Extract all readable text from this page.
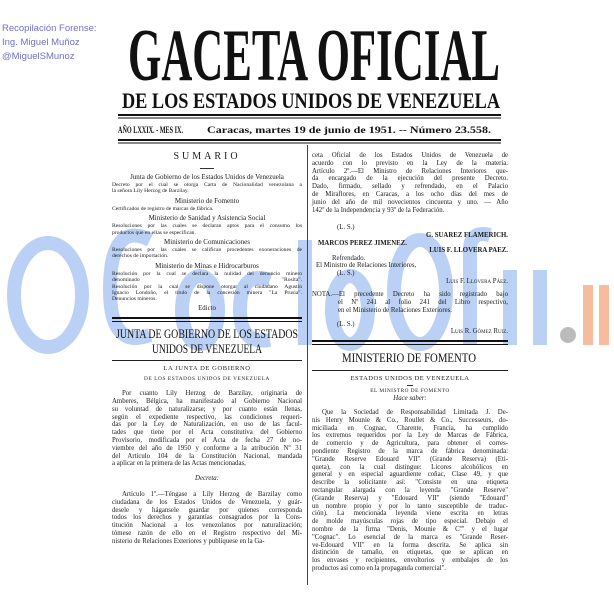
Recopilación Forense:
Ing. Miguel Muñoz
@MiguelSMunoz GACETA OFICIAL
DE LOS ESTADOS UNIDOS DE VENEZUELA
AÑO LXXIX. - MES IX.	Caracas, martes 19 de junio de 1951. -- Número 23.558.
SUMARIO
Junta de Gobierno de los Estados Unidos de Venezuela
Decreto por el cual se otorga Carta de Nacionalidad venezolana a
la señora Lily Herzog de Barzilay.
Ministerio de Fomento
Certificados de registro de marcas de fábrica.
Ministerio de Sanidad y Asistencia Social
Resoluciones por las cuales se declaran aptos para el consumo los
productos que en ellas se especifican.
Ministerio de Comunicaciones
Resoluciones por las cuales se califican procedentes exoneraciones de
derechos de importación.
Ministerio de Minas e Hidrocarburos
Resolución por la cual se declara la nulidad del denuncio minero
denominado "Rosita".
Resolución por la cual se dispone otorgar al ciudadano Agustín
Ignacio Londoño, el título de la concesión minera "La Prusia".
Denuncios mineros.
Edicto
JUNTA DE GOBIERNO DE LOS ESTADOS
UNIDOS DE VENEZUELA
LA JUNTA DE GOBIERNO
DE LOS ESTADOS UNIDOS DE VENEZUELA
Por cuanto Lily Herzog de Barzilay, originaria de
Amberes, Bélgica, ha manifestado al Gobierno Nacional
su voluntad de naturalizarse; y por cuanto están llenas,
según el expediente respectivo, las condiciones requeri-
das por la Ley de Naturalización, en uso de las facul-
tades que tiene por el Acta constitutiva del Gobierno
Provisorio, modificada por el Acta de fecha 27 de no-
viembre del año de 1950 y conforme a la atribución Nº 31
del Artículo 104 de la Constitución Nacional, mandada
a aplicar en la primera de las Actas mencionadas,
Decreta:
Artículo 1º.—Téngase a Lily Herzog de Barzilay como
ciudadana de los Estados Unidos de Venezuela, y guár-
desele y hágansele guardar por quienes corresponda
todos los derechos y garantías consagrados por la Cons-
titución Nacional a los venezolanos por naturalización;
tómese razón de ello en el Registro respectivo del Mi-
nisterio de Relaciones Exteriores y publíquese en la Ga-
ceta Oficial de los Estados Unidos de Venezuela de
acuerdo con lo previsto en la Ley de la materia.
Artículo 2º.—El Ministro de Relaciones Interiores que-
da encargado de la ejecución del presente Decreto.
Dado, firmado, sellado y refrendado, en el Palacio
de Miraflores, en Caracas, a los ocho días del mes de
junio del año de mil novecientos cincuenta y uno. — Año
142º de la Independencia y 93º de la Federación.
(L. S.)
G. SUAREZ FLAMERICH.
MARCOS PEREZ JIMENEZ.
LUIS F. LLOVERA PAEZ.
Refrendado.
El Ministro de Relaciones Interiores,
(L. S.)
Luis F. Llovera Páez.
NOTA.—El precedente Decreto ha sido registrado bajo
el Nº 241 al folio 241 del Libro respectivo,
en el Ministerio de Relaciones Exteriores.
(L. S.)
Luis R. Gómez Ruiz.
MINISTERIO DE FOMENTO
ESTADOS UNIDOS DE VENEZUELA
EL MINISTRO DE FOMENTO
Hace saber:
Que la Sociedad de Responsabilidad Limitada J. De-
nis Henry Mounie & Co., Roullet & Co., Successeurs, do-
miciliada en Cognac, Charente, Francia, ha cumplido
los extremos requeridos por la Ley de Marcas de Fábrica,
de comercio y de Agricultura, para obtener el corres-
pondiente Registro de la marca de fábrica denominada:
"Grande Reserve Edouard VII" (Grande Reserva) (Eti-
queta), con la cual distingue: Licores alcohólicos en
general y en especial aguardiente coñac, Clase 49, y que
describe la solicitante así: "Consiste en una etiqueta
rectangular alargada con la leyenda "Grande Reserve"
(Grande Reserva) y "Edouard VII" (siendo "Edouard"
un nombre propio y por lo tanto susceptible de traduc-
ción). La mencionada leyenda viene escrita en letras
de molde mayúsculas rojas de tipo especial. Debajo el
nombre de la firma "Denis, Mounie & Cº" y el lugar
"Cognac". Lo esencial de la marca es "Grande Reser-
ve-Edouard VII" en la forma descrita. Se aplica sin
distinción de tamaño, en etiquetas, que se aplican en
los envases y recipientes, envoltorios y embalajes de los
productos así como en la propaganda comercial".
